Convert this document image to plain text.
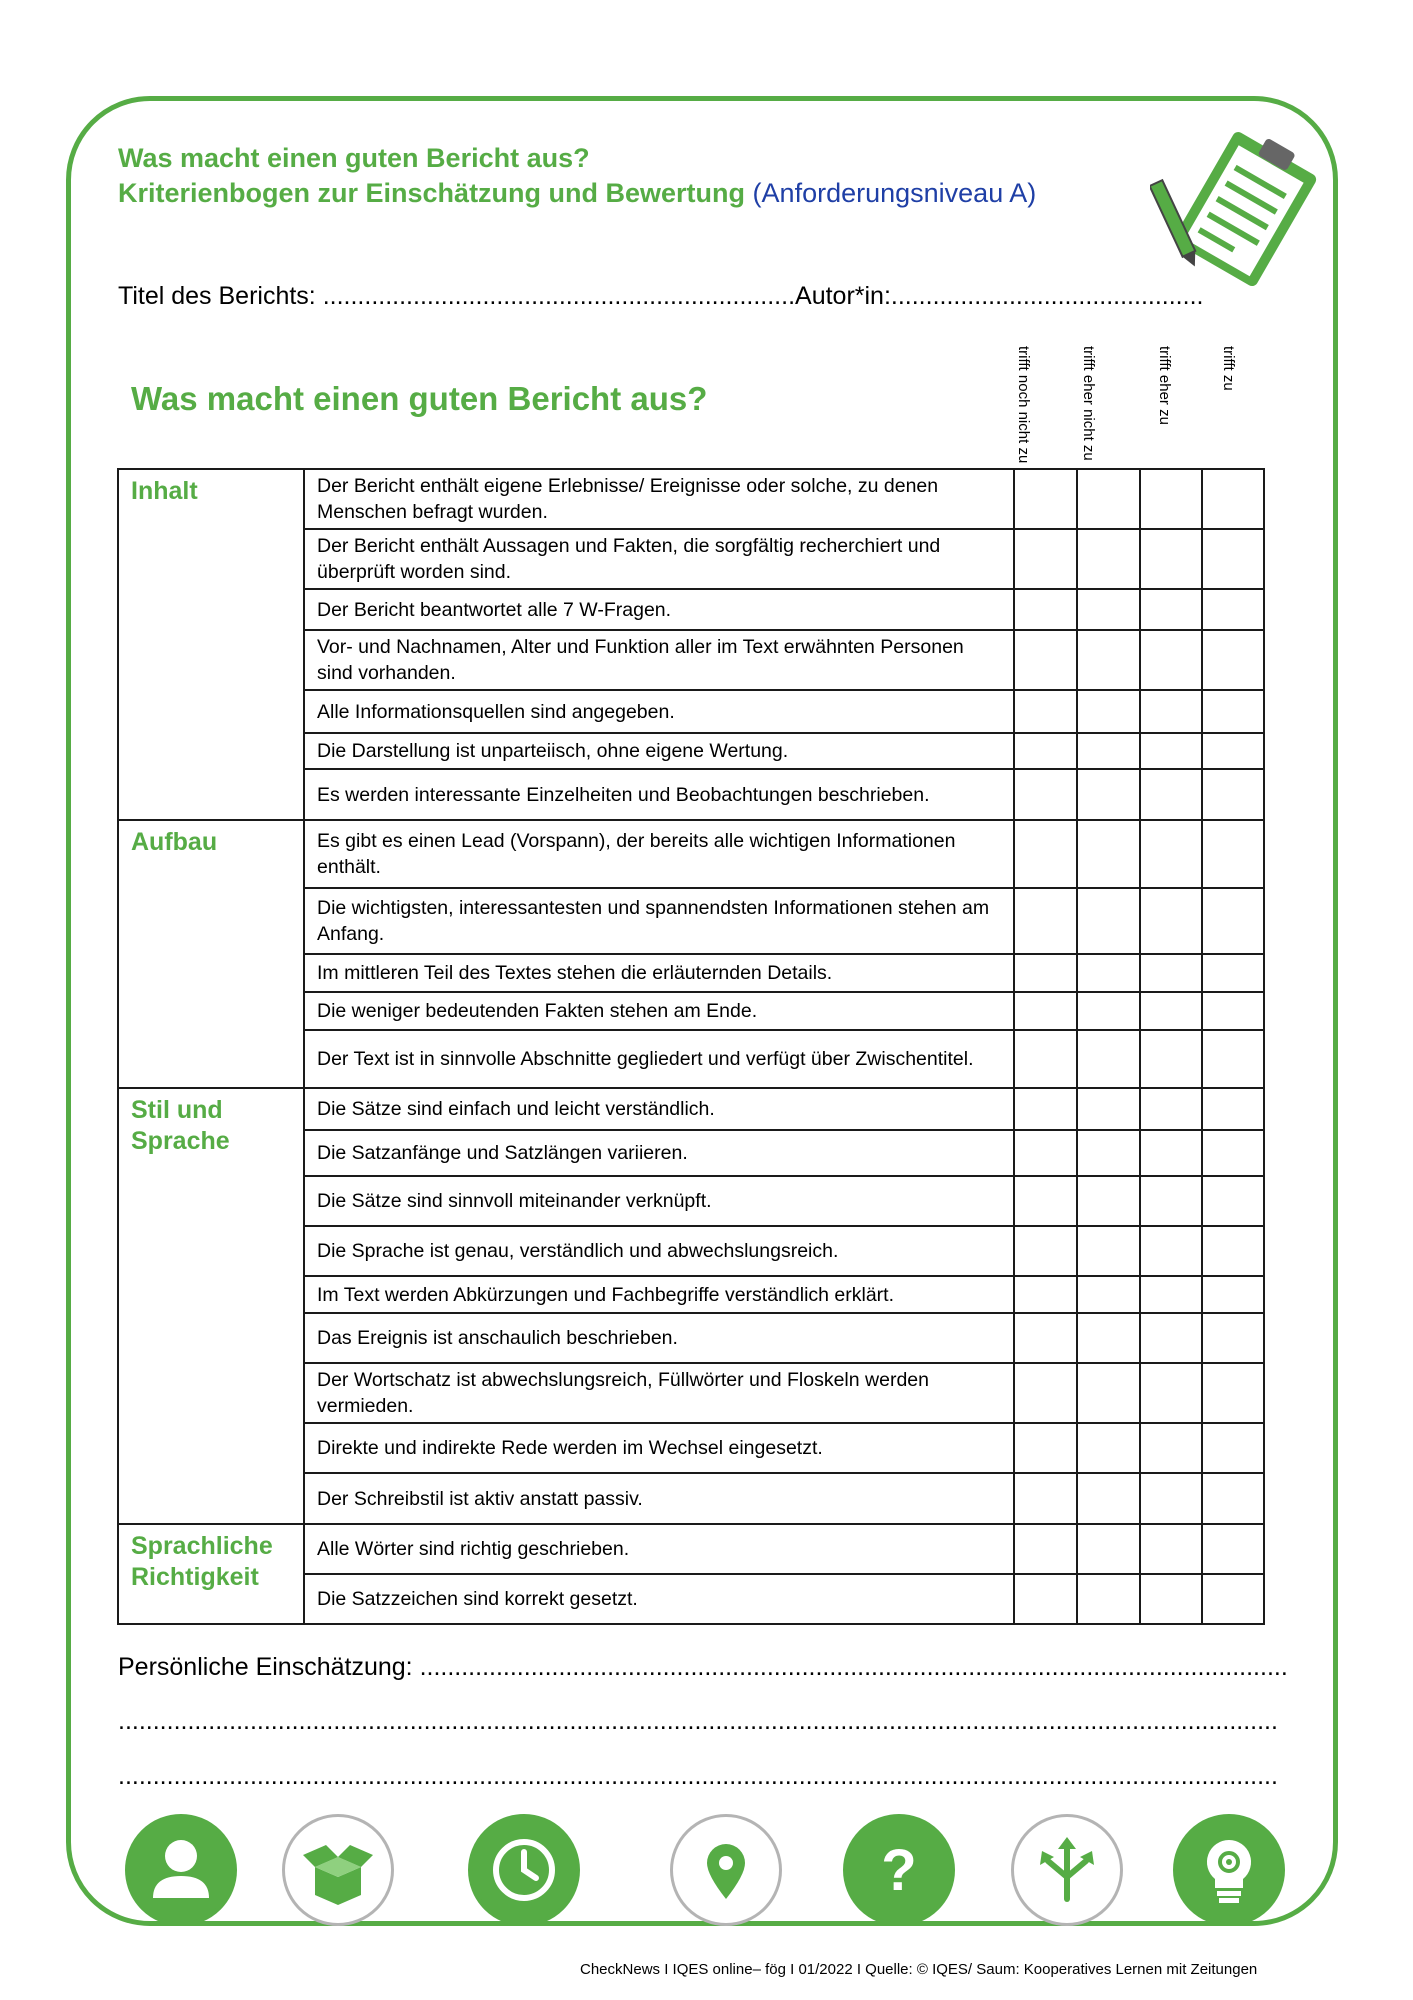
Was macht einen guten Bericht aus?
Kriterienbogen zur Einschätzung und Bewertung (Anforderungsniveau A)
Titel des Berichts: ....................................................................Autor*in:.............................................
Was macht einen guten Bericht aus?	trifft noch nicht zu	trifft eher nicht zu	trifft eher zu	trifft zu
Inhalt	Der Bericht enthält eigene Erlebnisse/ Ereignisse oder solche, zu denen Menschen befragt wurden.				
	Der Bericht enthält Aussagen und Fakten, die sorgfältig recherchiert und überprüft worden sind.				
	Der Bericht beantwortet alle 7 W-Fragen.				
	Vor- und Nachnamen, Alter und Funktion aller im Text erwähnten Personen sind vorhanden.				
	Alle Informationsquellen sind angegeben.				
	Die Darstellung ist unparteiisch, ohne eigene Wertung.				
	Es werden interessante Einzelheiten und Beobachtungen beschrieben.				
Aufbau	Es gibt es einen Lead (Vorspann), der bereits alle wichtigen Informationen enthält.				
	Die wichtigsten, interessantesten und spannendsten Informationen stehen am Anfang.				
	Im mittleren Teil des Textes stehen die erläuternden Details.				
	Die weniger bedeutenden Fakten stehen am Ende.				
	Der Text ist in sinnvolle Abschnitte gegliedert und verfügt über Zwischentitel.				
Stil und Sprache	Die Sätze sind einfach und leicht verständlich.				
	Die Satzanfänge und Satzlängen variieren.				
	Die Sätze sind sinnvoll miteinander verknüpft.				
	Die Sprache ist genau, verständlich und abwechslungsreich.				
	Im Text werden Abkürzungen und Fachbegriffe verständlich erklärt.				
	Das Ereignis ist anschaulich beschrieben.				
	Der Wortschatz ist abwechslungsreich, Füllwörter und Floskeln werden vermieden.				
	Direkte und indirekte Rede werden im Wechsel eingesetzt.				
	Der Schreibstil ist aktiv anstatt passiv.				
Sprachliche Richtigkeit	Alle Wörter sind richtig geschrieben.				
	Die Satzzeichen sind korrekt gesetzt.				
Persönliche Einschätzung: .............................................................................................................................
.......................................................................................................................................................................
.......................................................................................................................................................................
?
CheckNews I IQES online– fög I 01/2022 I Quelle: © IQES/ Saum: Kooperatives Lernen mit Zeitungen
